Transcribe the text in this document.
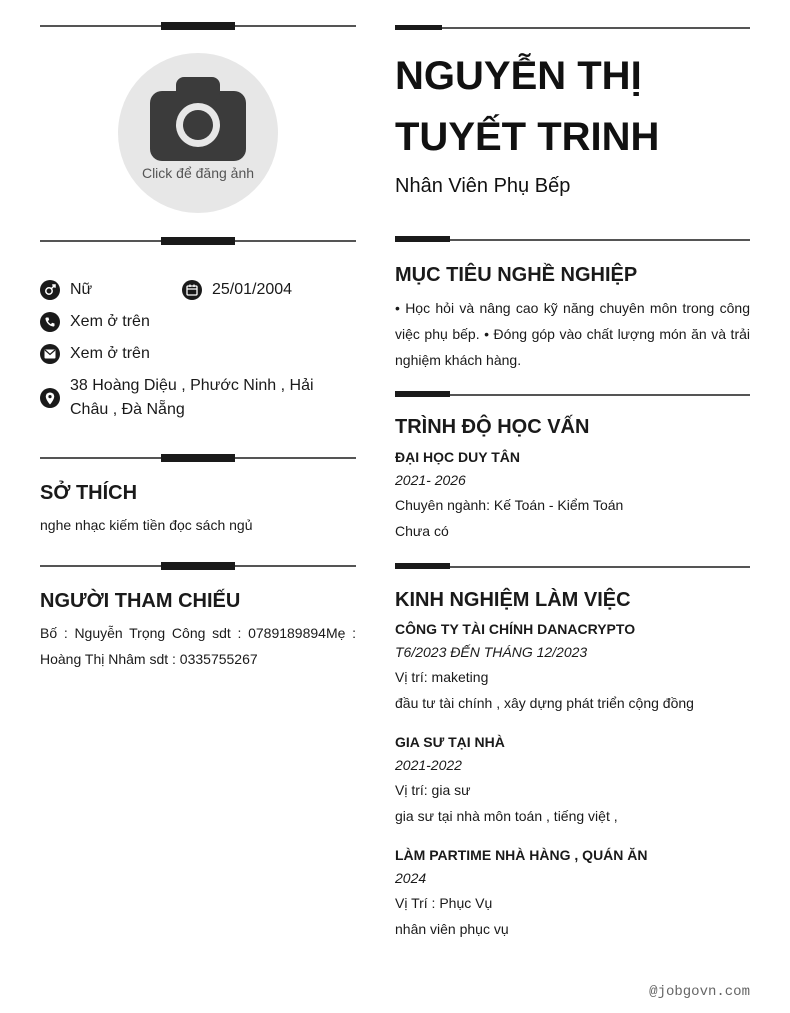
Click để đăng ảnh
Nữ	25/01/2004
Xem ở trên
Xem ở trên
38 Hoàng Diệu , Phước Ninh , Hải Châu , Đà Nẵng
SỞ THÍCH
nghe nhạc kiếm tiền đọc sách ngủ
NGƯỜI THAM CHIẾU
Bố : Nguyễn Trọng Công sdt : 0789189894Mẹ : Hoàng Thị Nhâm sdt : 0335755267
NGUYỄN THỊ
TUYẾT TRINH
Nhân Viên Phụ Bếp
MỤC TIÊU NGHỀ NGHIỆP
• Học hỏi và nâng cao kỹ năng chuyên môn trong công việc phụ bếp. • Đóng góp vào chất lượng món ăn và trải nghiệm khách hàng.
TRÌNH ĐỘ HỌC VẤN
ĐẠI HỌC DUY TÂN
2021- 2026
Chuyên ngành: Kế Toán - Kiểm Toán
Chưa có
KINH NGHIỆM LÀM VIỆC
CÔNG TY TÀI CHÍNH DANACRYPTO
T6/2023 ĐẾN THÁNG 12/2023
Vị trí: maketing
đầu tư tài chính , xây dựng phát triển cộng đồng
GIA SƯ TẠI NHÀ
2021-2022
Vị trí: gia sư
gia sư tại nhà môn toán , tiếng việt ,
LÀM PARTIME NHÀ HÀNG , QUÁN ĂN
2024
Vị Trí : Phục Vụ
nhân viên phục vụ
@jobgovn.com
